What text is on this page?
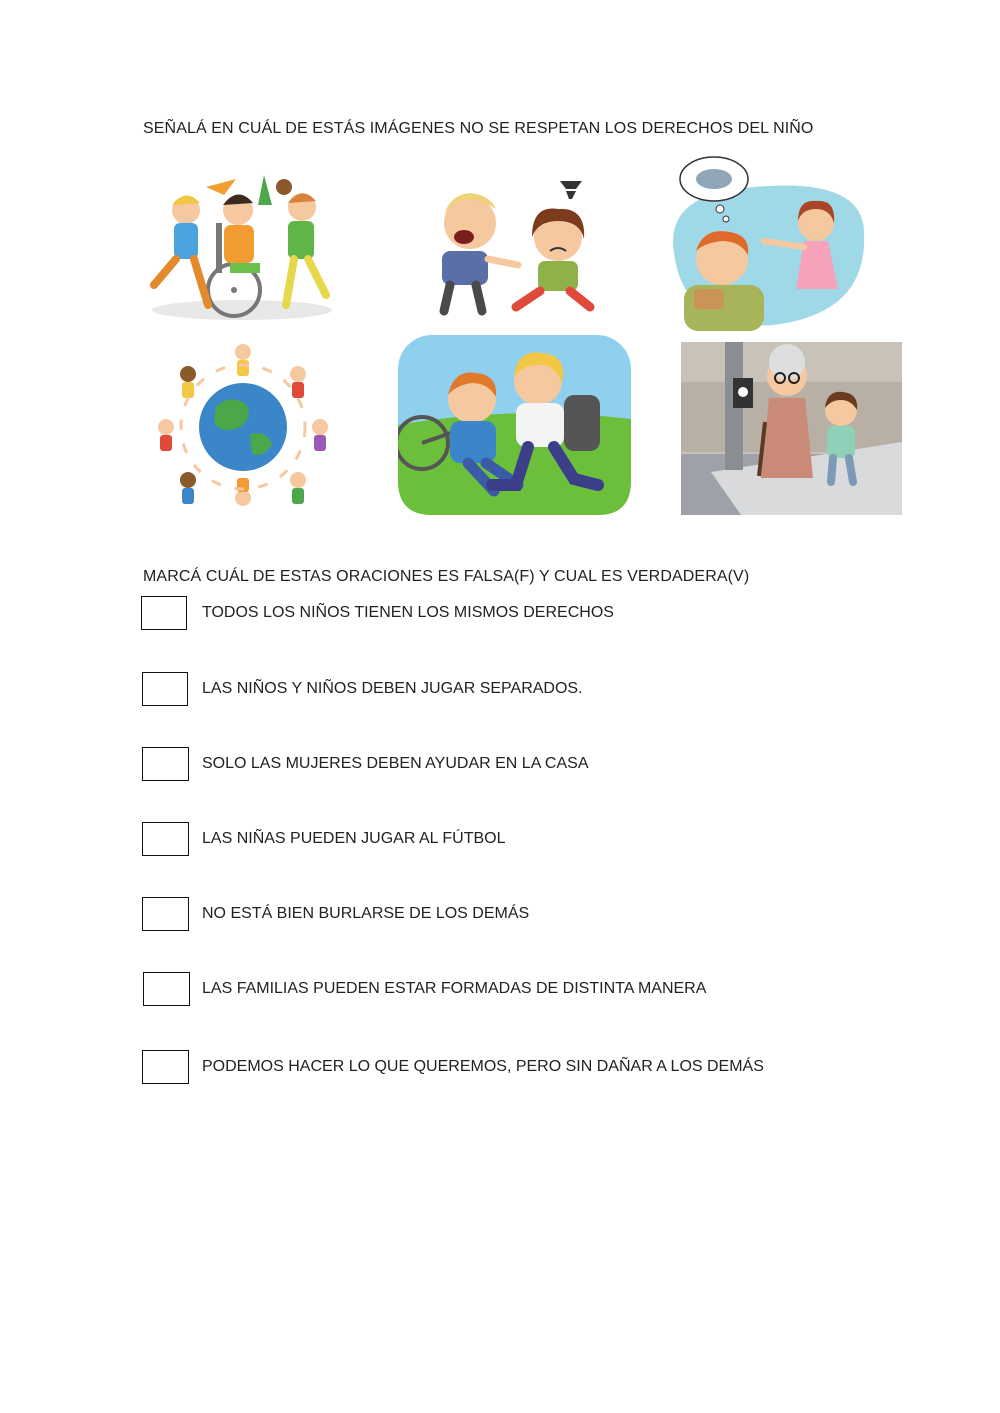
SEÑALÁ EN CUÁL DE ESTÁS IMÁGENES NO SE RESPETAN LOS DERECHOS DEL NIÑO
MARCÁ CUÁL DE ESTAS ORACIONES ES FALSA(F) Y CUAL ES VERDADERA(V)
TODOS LOS NIÑOS TIENEN LOS MISMOS DERECHOS
LAS NIÑOS Y NIÑOS DEBEN JUGAR SEPARADOS.
SOLO LAS MUJERES DEBEN AYUDAR EN LA CASA
LAS NIÑAS PUEDEN JUGAR AL FÚTBOL
NO ESTÁ BIEN BURLARSE DE LOS DEMÁS
LAS FAMILIAS PUEDEN ESTAR FORMADAS DE DISTINTA MANERA
PODEMOS HACER LO QUE QUEREMOS, PERO SIN DAÑAR A LOS DEMÁS
